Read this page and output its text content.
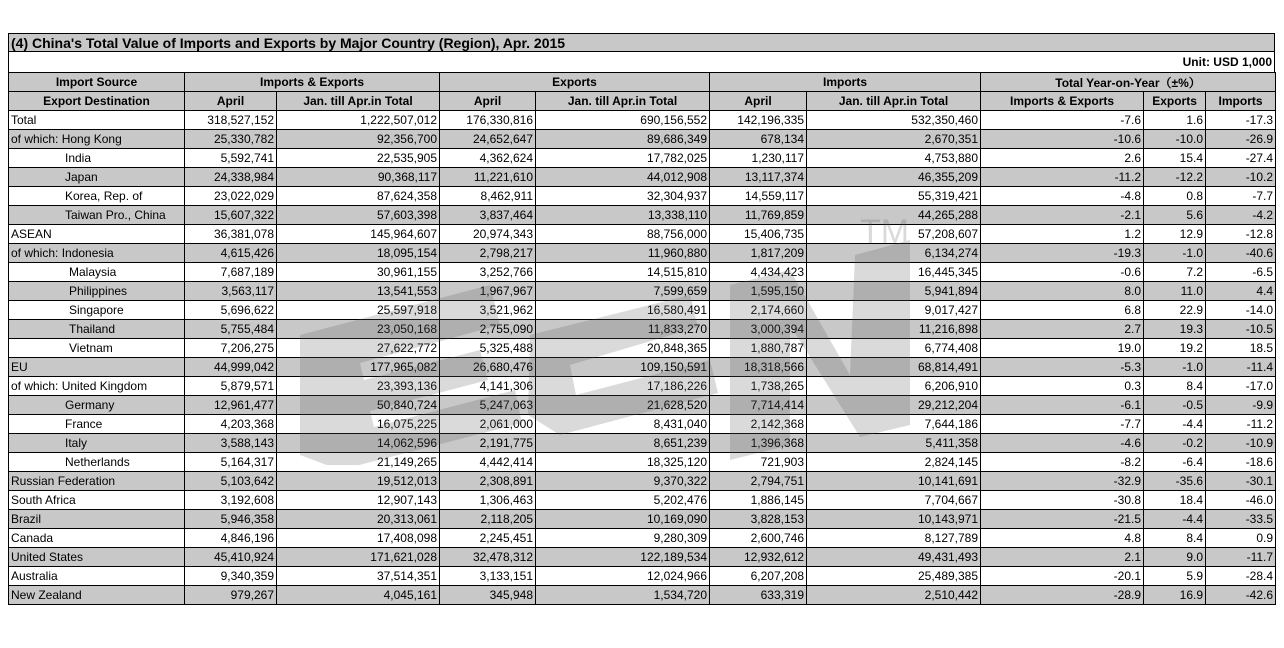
(4) China's Total Value of Imports and Exports by Major Country (Region), Apr. 2015
Unit: USD 1,000
Import Source	Imports & Exports		Exports		Imports		Total Year-on-Year（±%）		
Export Destination	April	Jan. till Apr.in Total	April	Jan. till Apr.in Total	April	Jan. till Apr.in Total	Imports & Exports	Exports	Imports
Total	318,527,152	1,222,507,012	176,330,816	690,156,552	142,196,335	532,350,460	-7.6	1.6	-17.3
of which: Hong Kong	25,330,782	92,356,700	24,652,647	89,686,349	678,134	2,670,351	-10.6	-10.0	-26.9
India	5,592,741	22,535,905	4,362,624	17,782,025	1,230,117	4,753,880	2.6	15.4	-27.4
Japan	24,338,984	90,368,117	11,221,610	44,012,908	13,117,374	46,355,209	-11.2	-12.2	-10.2
Korea, Rep. of	23,022,029	87,624,358	8,462,911	32,304,937	14,559,117	55,319,421	-4.8	0.8	-7.7
Taiwan Pro., China	15,607,322	57,603,398	3,837,464	13,338,110	11,769,859	44,265,288	-2.1	5.6	-4.2
ASEAN	36,381,078	145,964,607	20,974,343	88,756,000	15,406,735	57,208,607	1.2	12.9	-12.8
of which: Indonesia	4,615,426	18,095,154	2,798,217	11,960,880	1,817,209	6,134,274	-19.3	-1.0	-40.6
Malaysia	7,687,189	30,961,155	3,252,766	14,515,810	4,434,423	16,445,345	-0.6	7.2	-6.5
Philippines	3,563,117	13,541,553	1,967,967	7,599,659	1,595,150	5,941,894	8.0	11.0	4.4
Singapore	5,696,622	25,597,918	3,521,962	16,580,491	2,174,660	9,017,427	6.8	22.9	-14.0
Thailand	5,755,484	23,050,168	2,755,090	11,833,270	3,000,394	11,216,898	2.7	19.3	-10.5
Vietnam	7,206,275	27,622,772	5,325,488	20,848,365	1,880,787	6,774,408	19.0	19.2	18.5
EU	44,999,042	177,965,082	26,680,476	109,150,591	18,318,566	68,814,491	-5.3	-1.0	-11.4
of which: United Kingdom	5,879,571	23,393,136	4,141,306	17,186,226	1,738,265	6,206,910	0.3	8.4	-17.0
Germany	12,961,477	50,840,724	5,247,063	21,628,520	7,714,414	29,212,204	-6.1	-0.5	-9.9
France	4,203,368	16,075,225	2,061,000	8,431,040	2,142,368	7,644,186	-7.7	-4.4	-11.2
Italy	3,588,143	14,062,596	2,191,775	8,651,239	1,396,368	5,411,358	-4.6	-0.2	-10.9
Netherlands	5,164,317	21,149,265	4,442,414	18,325,120	721,903	2,824,145	-8.2	-6.4	-18.6
Russian Federation	5,103,642	19,512,013	2,308,891	9,370,322	2,794,751	10,141,691	-32.9	-35.6	-30.1
South Africa	3,192,608	12,907,143	1,306,463	5,202,476	1,886,145	7,704,667	-30.8	18.4	-46.0
Brazil	5,946,358	20,313,061	2,118,205	10,169,090	3,828,153	10,143,971	-21.5	-4.4	-33.5
Canada	4,846,196	17,408,098	2,245,451	9,280,309	2,600,746	8,127,789	4.8	8.4	0.9
United States	45,410,924	171,621,028	32,478,312	122,189,534	12,932,612	49,431,493	2.1	9.0	-11.7
Australia	9,340,359	37,514,351	3,133,151	12,024,966	6,207,208	25,489,385	-20.1	5.9	-28.4
New Zealand	979,267	4,045,161	345,948	1,534,720	633,319	2,510,442	-28.9	16.9	-42.6
TM
